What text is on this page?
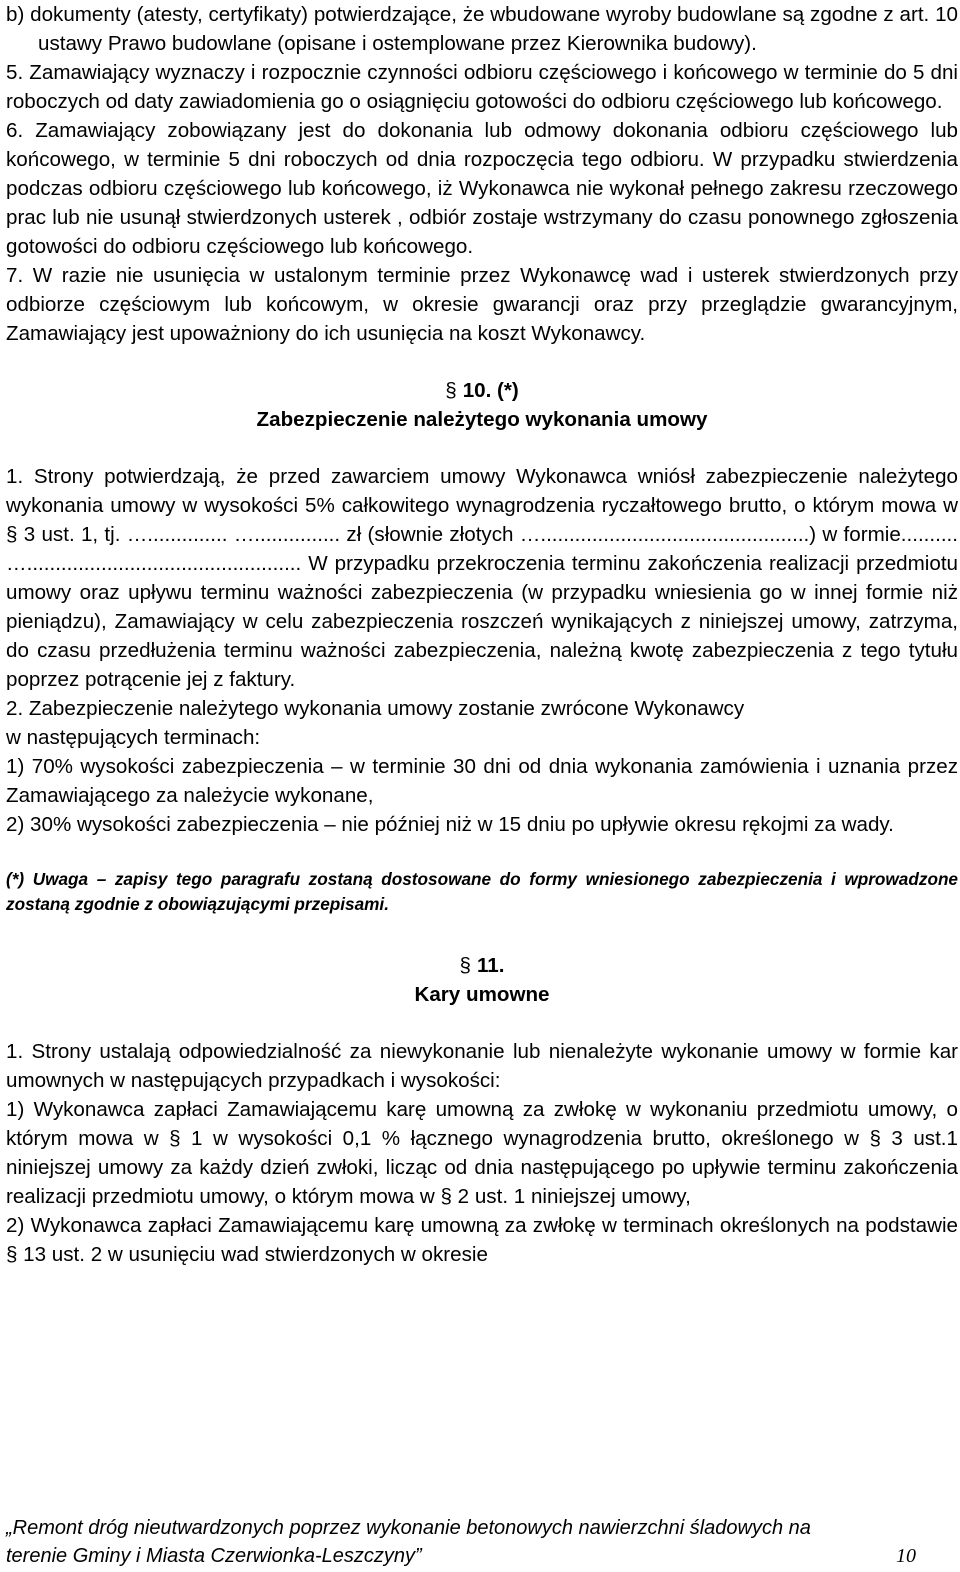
b) dokumenty (atesty, certyfikaty) potwierdzające, że wbudowane wyroby budowlane są zgodne z art. 10 ustawy Prawo budowlane (opisane i ostemplowane przez Kierownika budowy).

5. Zamawiający wyznaczy i rozpocznie czynności odbioru częściowego i końcowego w terminie do 5 dni roboczych od daty zawiadomienia go o osiągnięciu gotowości do odbioru częściowego lub końcowego.

6. Zamawiający zobowiązany jest do dokonania lub odmowy dokonania odbioru częściowego lub końcowego, w terminie 5 dni roboczych od dnia rozpoczęcia tego odbioru. W przypadku stwierdzenia podczas odbioru częściowego lub końcowego, iż Wykonawca nie wykonał pełnego zakresu rzeczowego prac lub nie usunął stwierdzonych usterek , odbiór zostaje wstrzymany do czasu ponownego zgłoszenia gotowości do odbioru częściowego lub końcowego.

7. W razie nie usunięcia w ustalonym terminie przez Wykonawcę wad i usterek stwierdzonych przy odbiorze częściowym lub końcowym, w okresie gwarancji oraz przy przeglądzie gwarancyjnym, Zamawiający jest upoważniony do ich usunięcia na koszt Wykonawcy.

§ 10. (*)

Zabezpieczenie należytego wykonania umowy

1. Strony potwierdzają, że przed zawarciem umowy Wykonawca wniósł zabezpieczenie należytego wykonania umowy w wysokości 5% całkowitego wynagrodzenia ryczałtowego brutto, o którym mowa w § 3 ust. 1, tj. ….............. …............... zł (słownie złotych …...............................................) w formie.......... …................................................ W przypadku przekroczenia terminu zakończenia realizacji przedmiotu umowy oraz upływu terminu ważności zabezpieczenia (w przypadku wniesienia go w innej formie niż pieniądzu), Zamawiający w celu zabezpieczenia roszczeń wynikających z niniejszej umowy, zatrzyma, do czasu przedłużenia terminu ważności zabezpieczenia, należną kwotę zabezpieczenia z tego tytułu poprzez potrącenie jej z faktury.

2. Zabezpieczenie należytego wykonania umowy zostanie zwrócone Wykonawcy

w następujących terminach:

1) 70% wysokości zabezpieczenia – w terminie 30 dni od dnia wykonania zamówienia i uznania przez Zamawiającego za należycie wykonane,

2) 30% wysokości zabezpieczenia – nie później niż w 15 dniu po upływie okresu rękojmi za wady.

(*) Uwaga – zapisy tego paragrafu zostaną dostosowane do formy wniesionego zabezpieczenia i wprowadzone zostaną zgodnie z obowiązującymi przepisami.

§ 11.

Kary umowne

1. Strony ustalają odpowiedzialność za niewykonanie lub nienależyte wykonanie umowy w formie kar umownych w następujących przypadkach i wysokości:

1) Wykonawca zapłaci Zamawiającemu karę umowną za zwłokę w wykonaniu przedmiotu umowy, o którym mowa w § 1 w wysokości 0,1 % łącznego wynagrodzenia brutto, określonego w § 3 ust.1 niniejszej umowy za każdy dzień zwłoki, licząc od dnia następującego po upływie terminu zakończenia realizacji przedmiotu umowy, o którym mowa w § 2 ust. 1 niniejszej umowy,

2) Wykonawca zapłaci Zamawiającemu karę umowną za zwłokę w terminach określonych na podstawie § 13 ust. 2 w usunięciu wad stwierdzonych w okresie

„Remont dróg nieutwardzonych poprzez wykonanie betonowych nawierzchni śladowych na
terenie Gminy i Miasta Czerwionka-Leszczyny”	10
